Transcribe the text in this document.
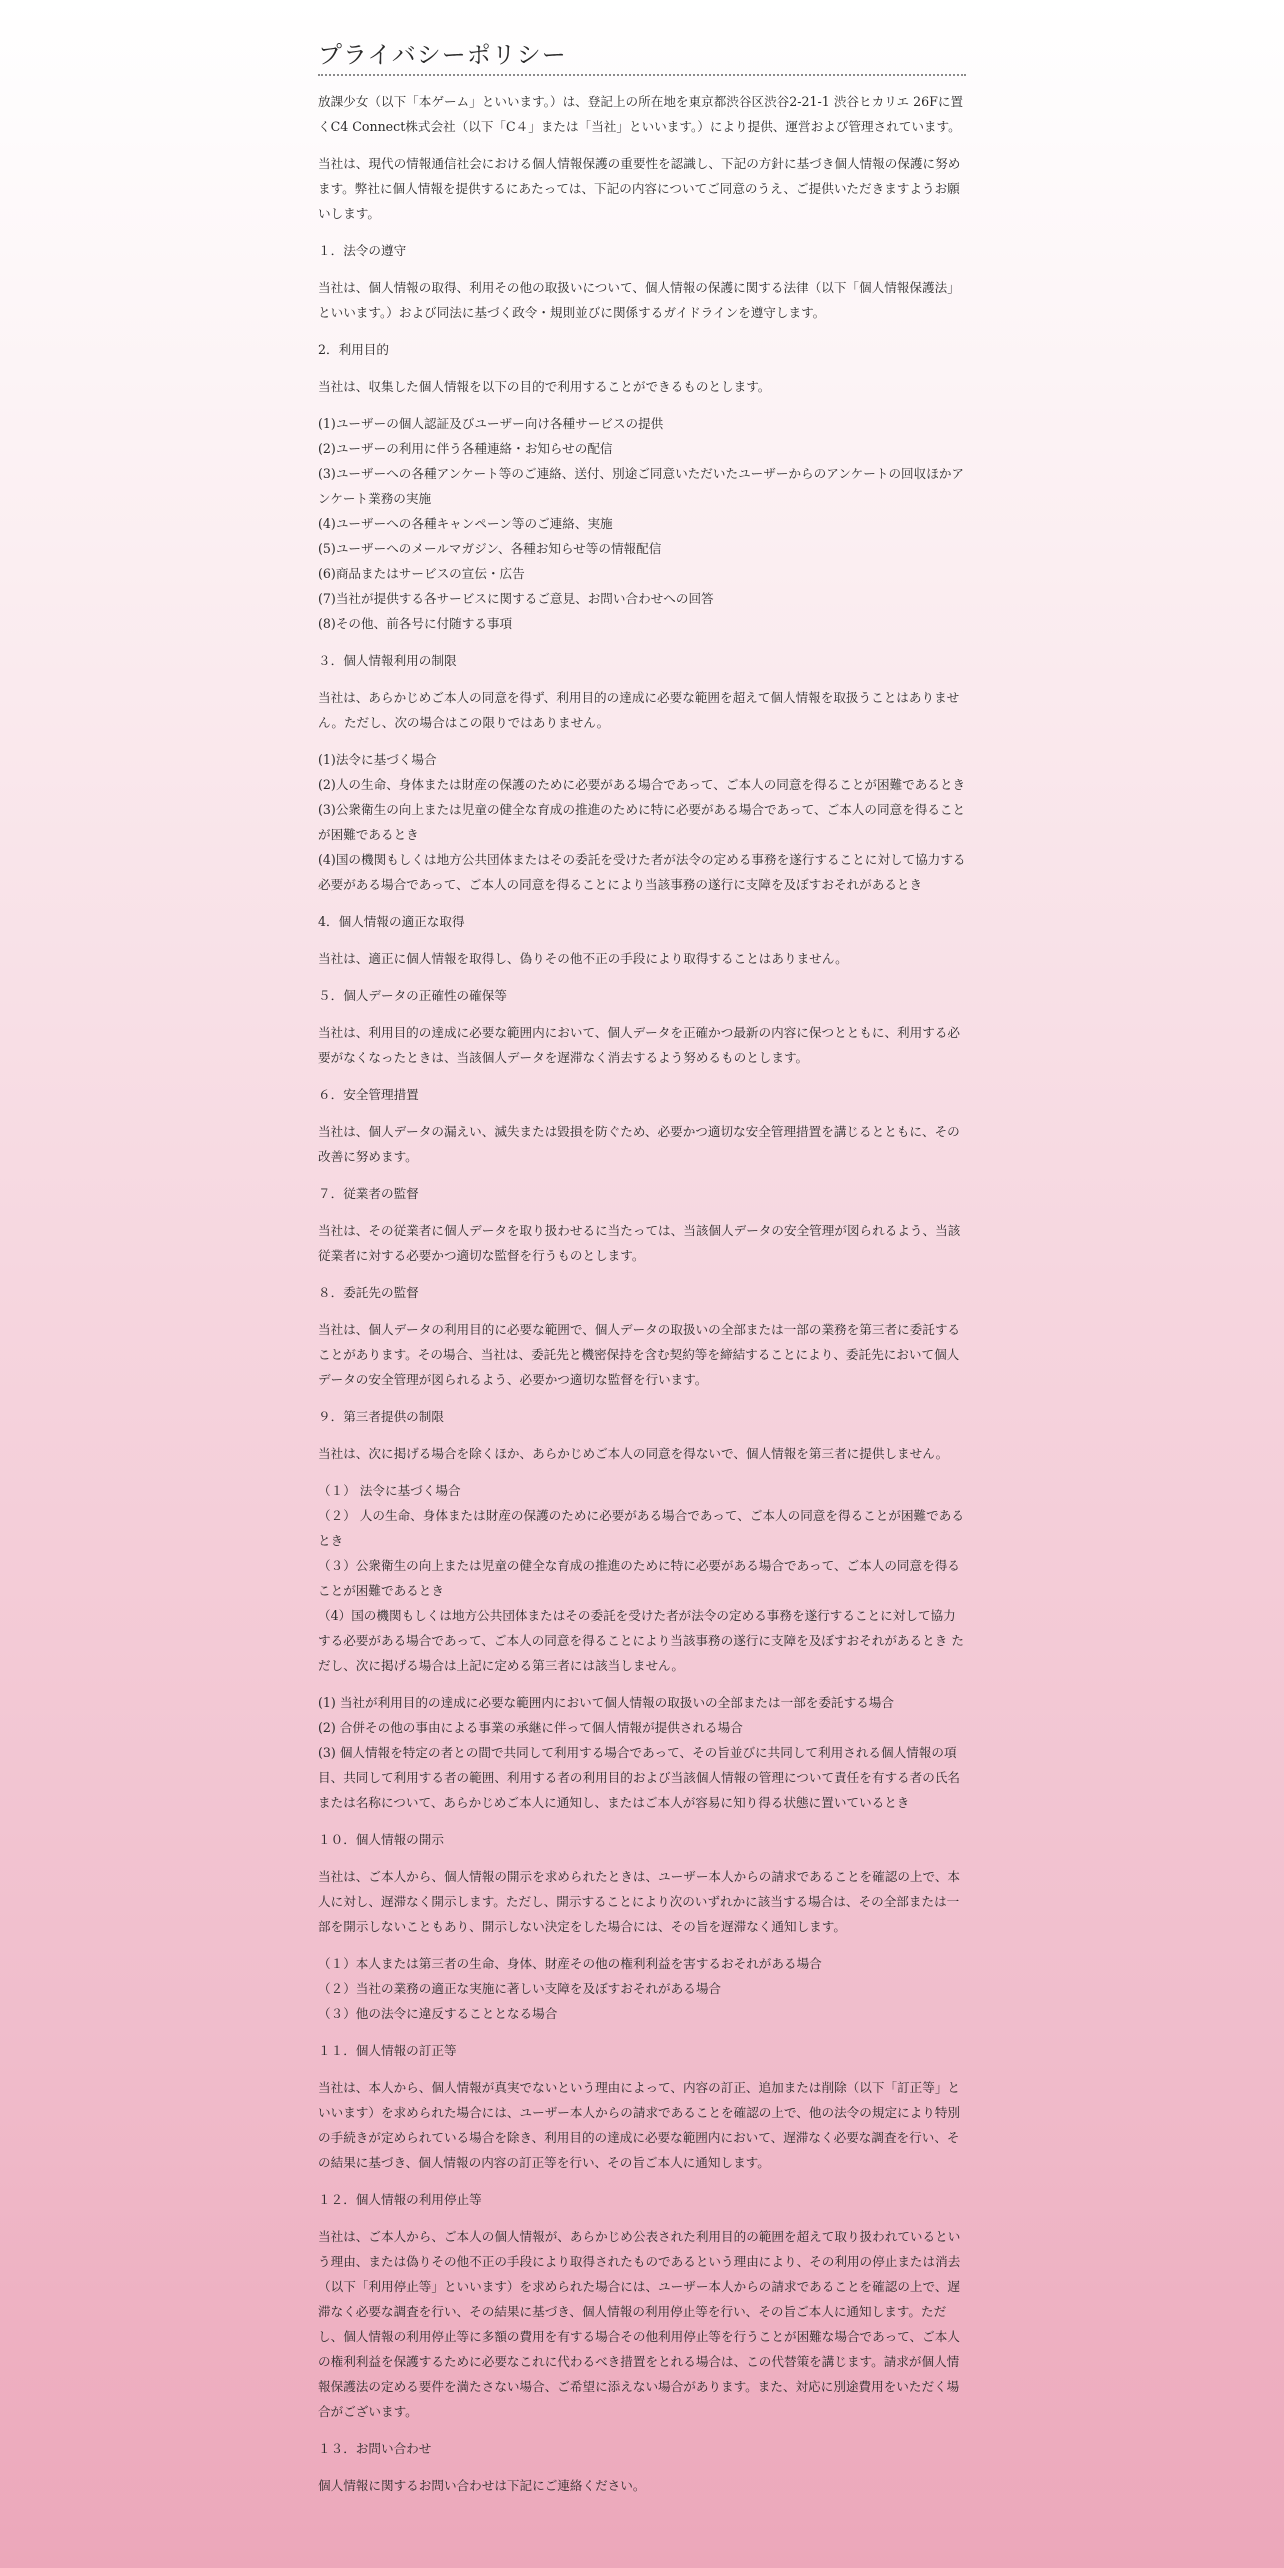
プライバシーポリシー

放課少女（以下「本ゲーム」といいます。）は、登記上の所在地を東京都渋谷区渋谷2-21-1 渋谷ヒカリエ 26Fに置くC4 Connect株式会社（以下「C４」または「当社」といいます。）により提供、運営および管理されています。

当社は、現代の情報通信社会における個人情報保護の重要性を認識し、下記の方針に基づき個人情報の保護に努めます。弊社に個人情報を提供するにあたっては、下記の内容についてご同意のうえ、ご提供いただきますようお願いします。

１．法令の遵守

当社は、個人情報の取得、利用その他の取扱いについて、個人情報の保護に関する法律（以下「個人情報保護法」といいます。）および同法に基づく政令・規則並びに関係するガイドラインを遵守します。

2．利用目的

当社は、収集した個人情報を以下の目的で利用することができるものとします。

(1)ユーザーの個人認証及びユーザー向け各種サービスの提供
(2)ユーザーの利用に伴う各種連絡・お知らせの配信
(3)ユーザーへの各種アンケート等のご連絡、送付、別途ご同意いただいたユーザーからのアンケートの回収ほかアンケート業務の実施
(4)ユーザーへの各種キャンペーン等のご連絡、実施
(5)ユーザーへのメールマガジン、各種お知らせ等の情報配信
(6)商品またはサービスの宣伝・広告
(7)当社が提供する各サービスに関するご意見、お問い合わせへの回答
(8)その他、前各号に付随する事項

３．個人情報利用の制限

当社は、あらかじめご本人の同意を得ず、利用目的の達成に必要な範囲を超えて個人情報を取扱うことはありません。ただし、次の場合はこの限りではありません。

(1)法令に基づく場合
(2)人の生命、身体または財産の保護のために必要がある場合であって、ご本人の同意を得ることが困難であるとき
(3)公衆衛生の向上または児童の健全な育成の推進のために特に必要がある場合であって、ご本人の同意を得ることが困難であるとき
(4)国の機関もしくは地方公共団体またはその委託を受けた者が法令の定める事務を遂行することに対して協力する必要がある場合であって、ご本人の同意を得ることにより当該事務の遂行に支障を及ぼすおそれがあるとき

4．個人情報の適正な取得

当社は、適正に個人情報を取得し、偽りその他不正の手段により取得することはありません。

５．個人データの正確性の確保等

当社は、利用目的の達成に必要な範囲内において、個人データを正確かつ最新の内容に保つとともに、利用する必要がなくなったときは、当該個人データを遅滞なく消去するよう努めるものとします。

６．安全管理措置

当社は、個人データの漏えい、滅失または毀損を防ぐため、必要かつ適切な安全管理措置を講じるとともに、その改善に努めます。

７．従業者の監督

当社は、その従業者に個人データを取り扱わせるに当たっては、当該個人データの安全管理が図られるよう、当該従業者に対する必要かつ適切な監督を行うものとします。

８．委託先の監督

当社は、個人データの利用目的に必要な範囲で、個人データの取扱いの全部または一部の業務を第三者に委託することがあります。その場合、当社は、委託先と機密保持を含む契約等を締結することにより、委託先において個人データの安全管理が図られるよう、必要かつ適切な監督を行います。

９．第三者提供の制限

当社は、次に掲げる場合を除くほか、あらかじめご本人の同意を得ないで、個人情報を第三者に提供しません。

（１） 法令に基づく場合
（２） 人の生命、身体または財産の保護のために必要がある場合であって、ご本人の同意を得ることが困難であるとき
（３）公衆衛生の向上または児童の健全な育成の推進のために特に必要がある場合であって、ご本人の同意を得ることが困難であるとき
（4）国の機関もしくは地方公共団体またはその委託を受けた者が法令の定める事務を遂行することに対して協力する必要がある場合であって、ご本人の同意を得ることにより当該事務の遂行に支障を及ぼすおそれがあるとき ただし、次に掲げる場合は上記に定める第三者には該当しません。
(1) 当社が利用目的の達成に必要な範囲内において個人情報の取扱いの全部または一部を委託する場合
(2) 合併その他の事由による事業の承継に伴って個人情報が提供される場合
(3) 個人情報を特定の者との間で共同して利用する場合であって、その旨並びに共同して利用される個人情報の項目、共同して利用する者の範囲、利用する者の利用目的および当該個人情報の管理について責任を有する者の氏名または名称について、あらかじめご本人に通知し、またはご本人が容易に知り得る状態に置いているとき

１０．個人情報の開示

当社は、ご本人から、個人情報の開示を求められたときは、ユーザー本人からの請求であることを確認の上で、本人に対し、遅滞なく開示します。ただし、開示することにより次のいずれかに該当する場合は、その全部または一部を開示しないこともあり、開示しない決定をした場合には、その旨を遅滞なく通知します。

（１）本人または第三者の生命、身体、財産その他の権利利益を害するおそれがある場合
（２）当社の業務の適正な実施に著しい支障を及ぼすおそれがある場合
（３）他の法令に違反することとなる場合

１１．個人情報の訂正等

当社は、本人から、個人情報が真実でないという理由によって、内容の訂正、追加または削除（以下「訂正等」といいます）を求められた場合には、ユーザー本人からの請求であることを確認の上で、他の法令の規定により特別の手続きが定められている場合を除き、利用目的の達成に必要な範囲内において、遅滞なく必要な調査を行い、その結果に基づき、個人情報の内容の訂正等を行い、その旨ご本人に通知します。

１２．個人情報の利用停止等

当社は、ご本人から、ご本人の個人情報が、あらかじめ公表された利用目的の範囲を超えて取り扱われているという理由、または偽りその他不正の手段により取得されたものであるという理由により、その利用の停止または消去（以下「利用停止等」といいます）を求められた場合には、ユーザー本人からの請求であることを確認の上で、遅滞なく必要な調査を行い、その結果に基づき、個人情報の利用停止等を行い、その旨ご本人に通知します。ただし、個人情報の利用停止等に多額の費用を有する場合その他利用停止等を行うことが困難な場合であって、ご本人の権利利益を保護するために必要なこれに代わるべき措置をとれる場合は、この代替策を講じます。請求が個人情報保護法の定める要件を満たさない場合、ご希望に添えない場合があります。また、対応に別途費用をいただく場合がございます。

１３．お問い合わせ

個人情報に関するお問い合わせは下記にご連絡ください。
